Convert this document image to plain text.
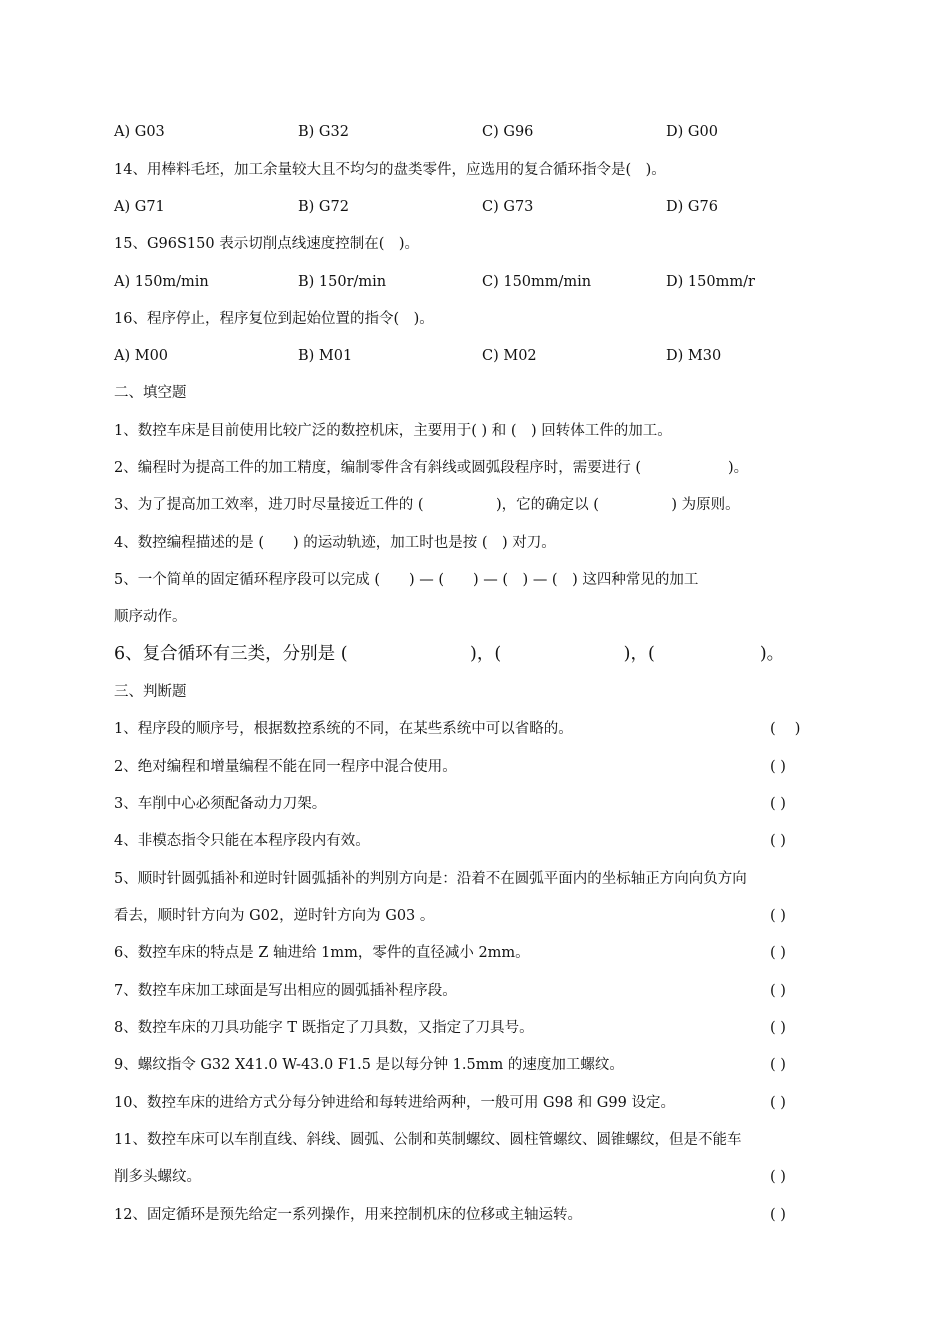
A) G03	B) G32	C) G96	D) G00
14、用棒料毛坯，加工余量较大且不均匀的盘类零件，应选用的复合循环指令是(　)。
A) G71	B) G72	C) G73	D) G76
15、G96S150 表示切削点线速度控制在(　)。
A) 150m/min	B) 150r/min	C) 150mm/min	D) 150mm/r
16、程序停止，程序复位到起始位置的指令(　)。
A) M00	B) M01	C) M02	D) M30
二、填空题
1、数控车床是目前使用比较广泛的数控机床，主要用于( ) 和 (　) 回转体工件的加工。
2、编程时为提高工件的加工精度，编制零件含有斜线或圆弧段程序时，需要进行 (　　　　　　)。
3、为了提高加工效率，进刀时尽量接近工件的 (　　　　　)，它的确定以 (　　　　　) 为原则。
4、数控编程描述的是 (　　) 的运动轨迹，加工时也是按 (　) 对刀。
5、一个简单的固定循环程序段可以完成 (　　) — (　　) — (　) — (　) 这四种常见的加工
顺序动作。
6、复合循环有三类，分别是 (　　　　　　　)，(　　　　　　　)，(　　　　　　)。
三、判断题
1、程序段的顺序号，根据数控系统的不同，在某些系统中可以省略的。	(　 )
2、绝对编程和增量编程不能在同一程序中混合使用。	( )
3、车削中心必须配备动力刀架。	( )
4、非模态指令只能在本程序段内有效。	( )
5、顺时针圆弧插补和逆时针圆弧插补的判别方向是：沿着不在圆弧平面内的坐标轴正方向向负方向
看去，顺时针方向为 G02，逆时针方向为 G03 。	( )
6、数控车床的特点是 Z 轴进给 1mm，零件的直径减小 2mm。	( )
7、数控车床加工球面是写出相应的圆弧插补程序段。	( )
8、数控车床的刀具功能字 T 既指定了刀具数，又指定了刀具号。	( )
9、螺纹指令 G32 X41.0 W-43.0 F1.5 是以每分钟 1.5mm 的速度加工螺纹。	( )
10、数控车床的进给方式分每分钟进给和每转进给两种，一般可用 G98 和 G99 设定。	( )
11、数控车床可以车削直线、斜线、圆弧、公制和英制螺纹、圆柱管螺纹、圆锥螺纹，但是不能车
削多头螺纹。	( )
12、固定循环是预先给定一系列操作，用来控制机床的位移或主轴运转。	( )
